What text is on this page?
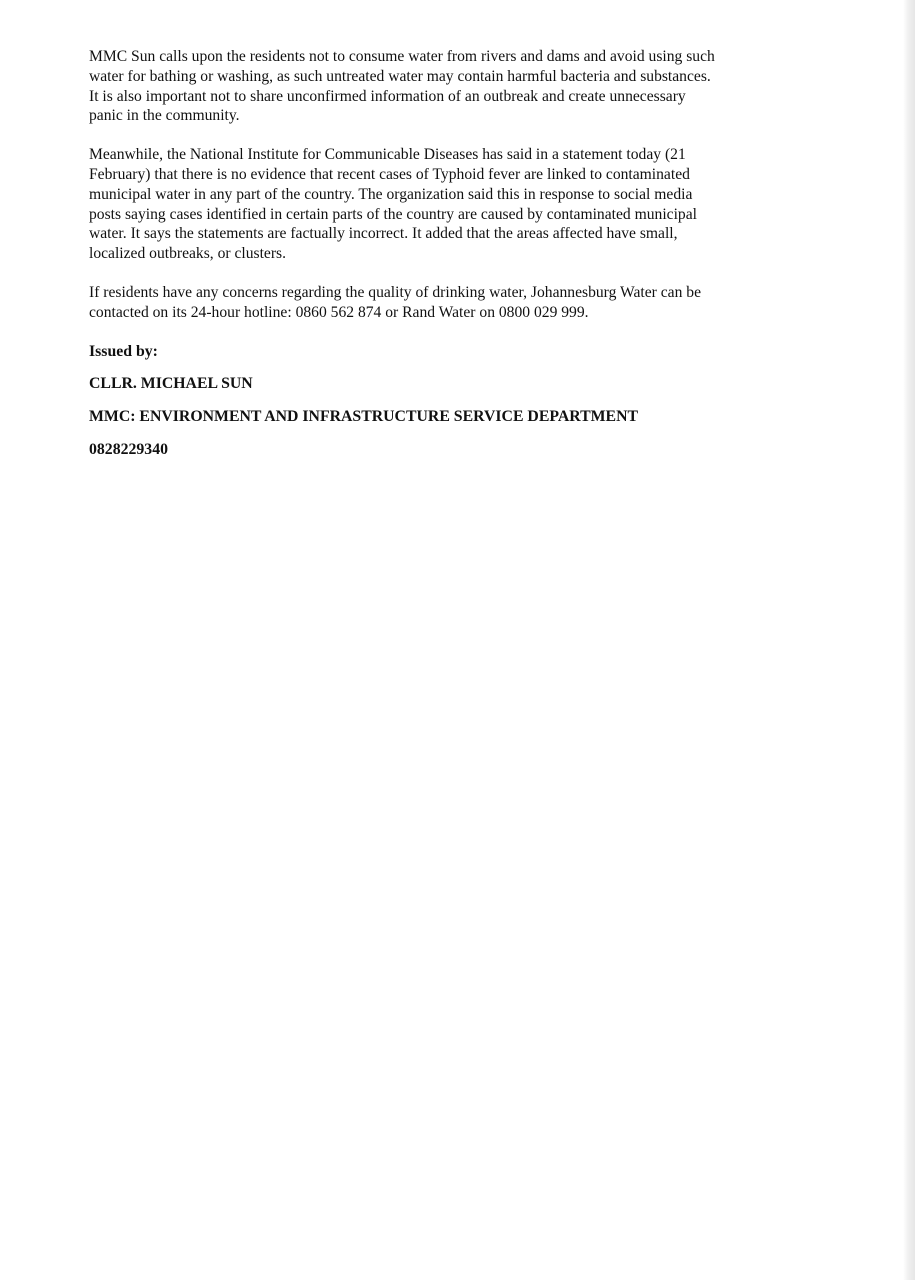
MMC Sun calls upon the residents not to consume water from rivers and dams and avoid using such
water for bathing or washing, as such untreated water may contain harmful bacteria and substances.
It is also important not to share unconfirmed information of an outbreak and create unnecessary
panic in the community.

Meanwhile, the National Institute for Communicable Diseases has said in a statement today (21
February) that there is no evidence that recent cases of Typhoid fever are linked to contaminated
municipal water in any part of the country. The organization said this in response to social media
posts saying cases identified in certain parts of the country are caused by contaminated municipal
water. It says the statements are factually incorrect. It added that the areas affected have small,
localized outbreaks, or clusters.

If residents have any concerns regarding the quality of drinking water, Johannesburg Water can be
contacted on its 24-hour hotline: 0860 562 874 or Rand Water on 0800 029 999.

Issued by:
CLLR. MICHAEL SUN
MMC: ENVIRONMENT AND INFRASTRUCTURE SERVICE DEPARTMENT
0828229340
